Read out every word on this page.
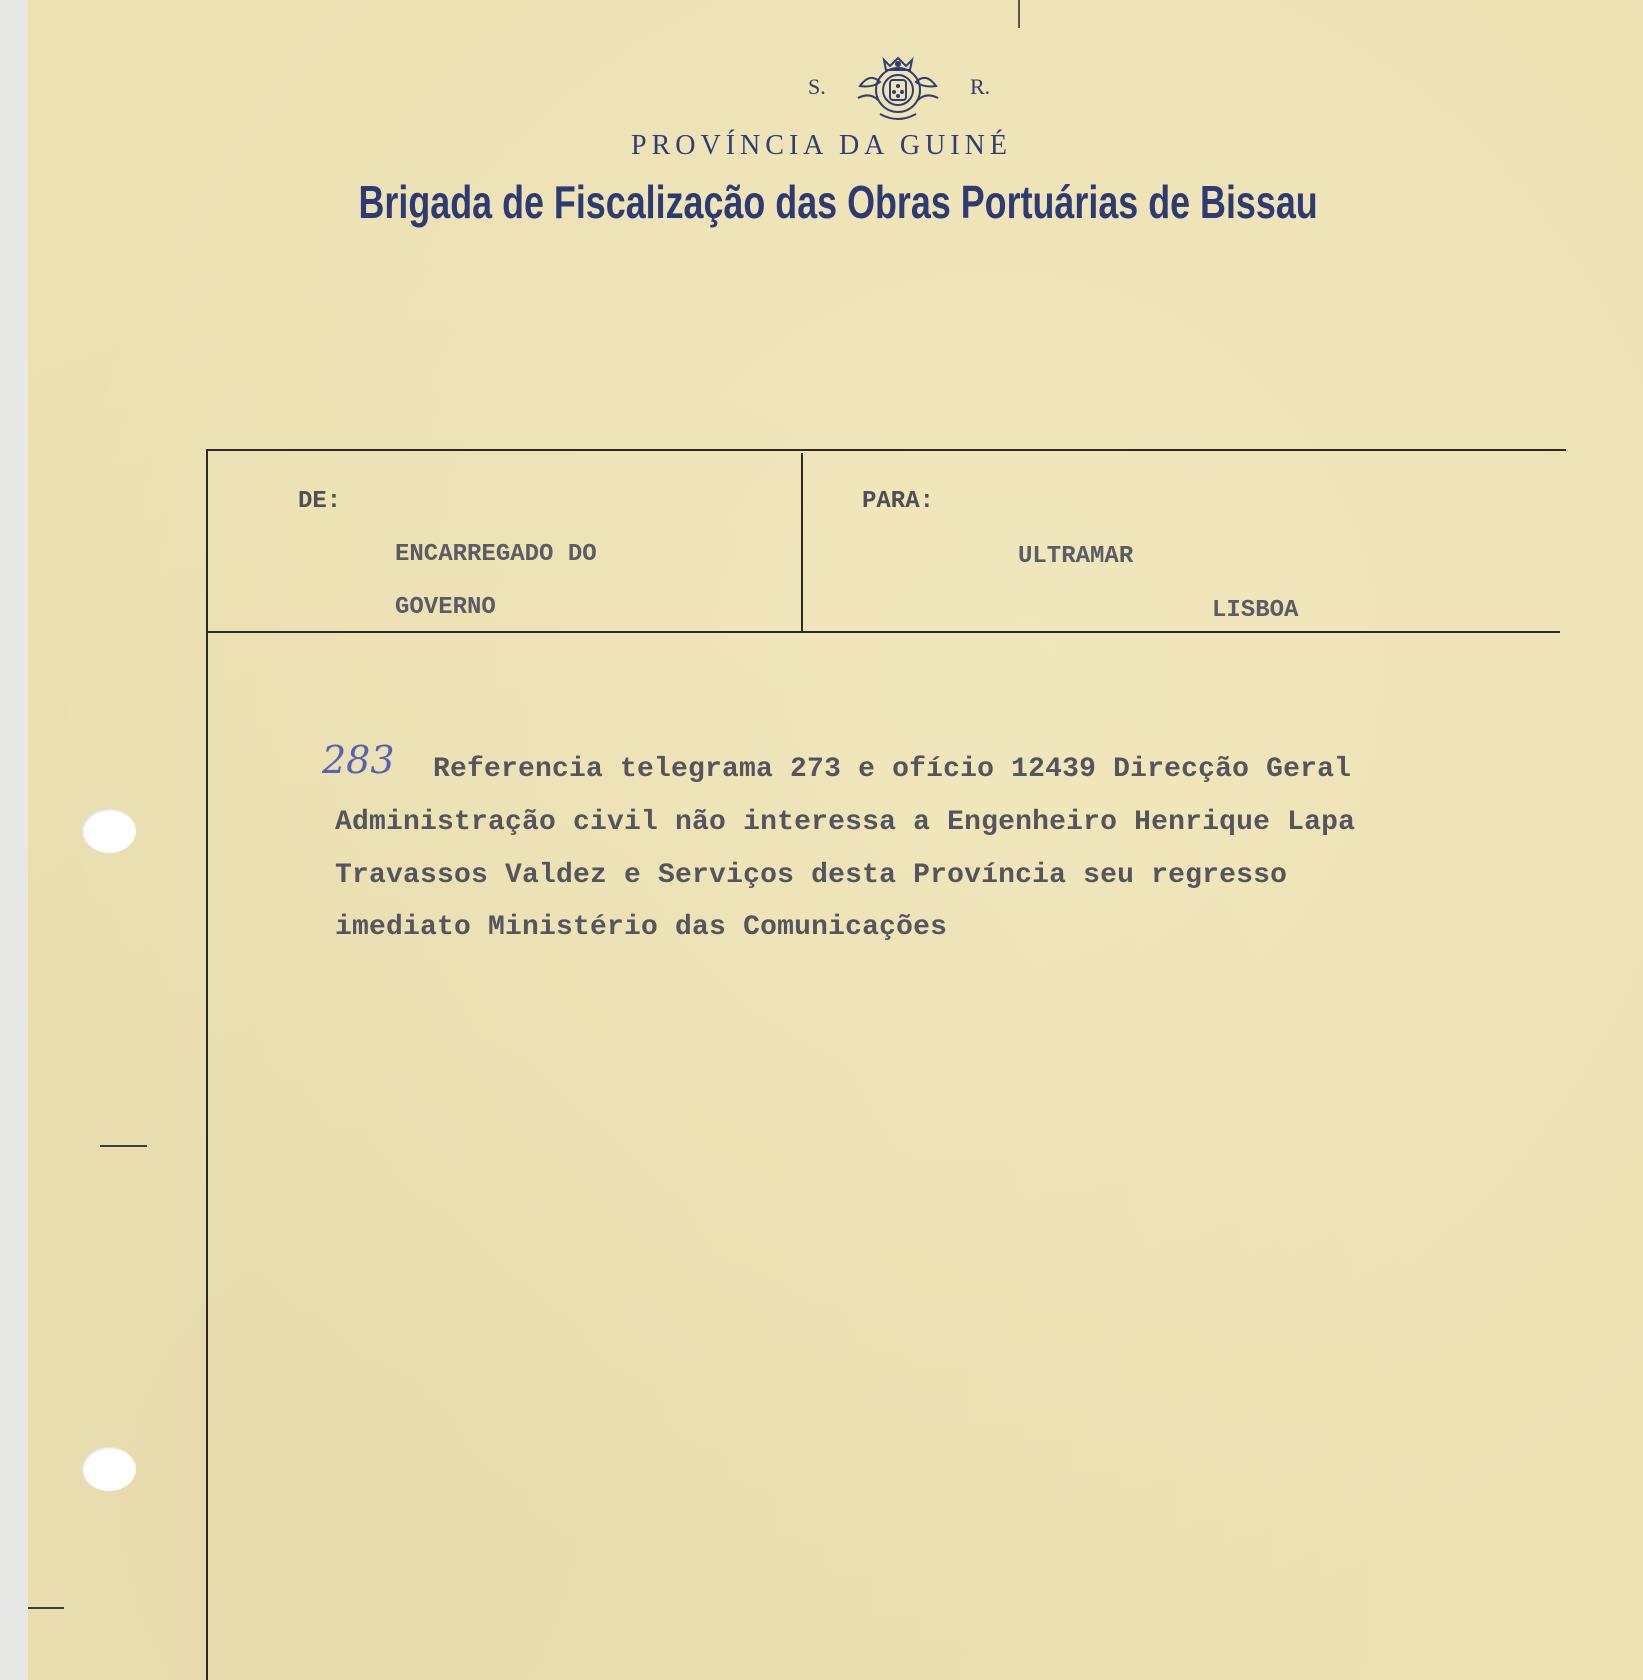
S.	R.
PROVÍNCIA DA GUINÉ
Brigada de Fiscalização das Obras Portuárias de Bissau
DE:
ENCARREGADO DO
GOVERNO
PARA:
ULTRAMAR
LISBOA
283 Referencia telegrama 273 e ofício 12439 Direcção Geral
Administração civil não interessa a Engenheiro Henrique Lapa
Travassos Valdez e Serviços desta Província seu regresso
imediato Ministério das Comunicações
